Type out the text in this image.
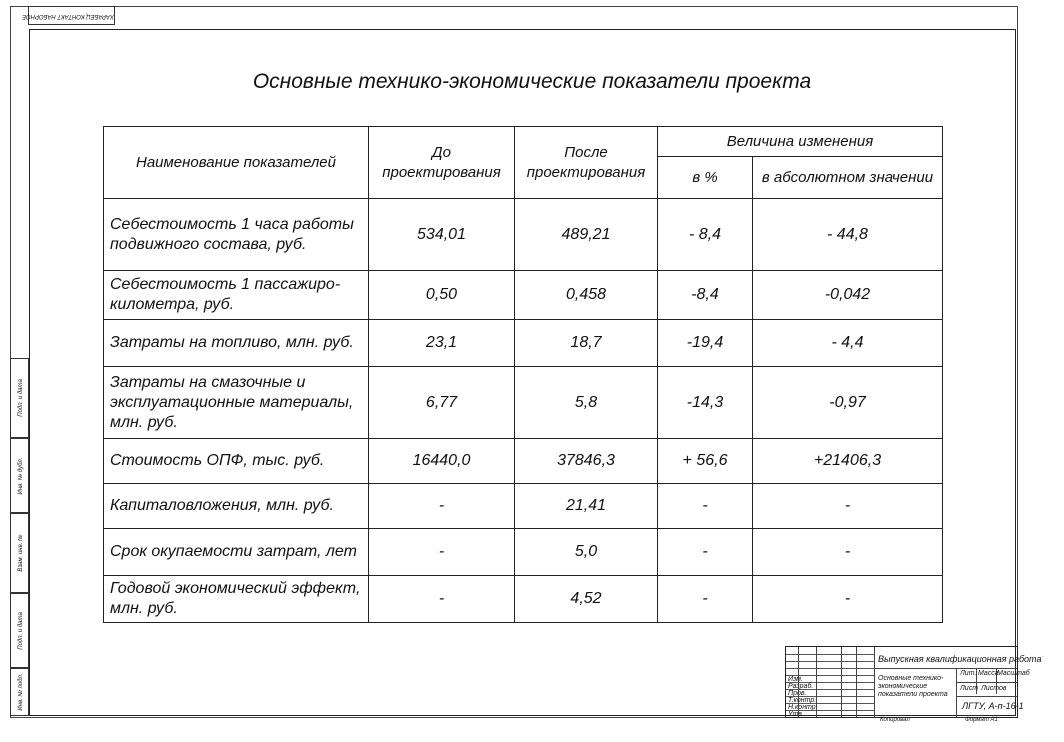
ХАРАБЕЦ КОНТАКТ НАБОРНОЕ
Подп. и дата
Инв. № дубл.
Взам. инв. №
Подп. и дата
Инв. № подл.
Основные технико-экономические показатели проекта
Наименование показателей	До проектирования	После проектирования	Величина изменения	
			в %	в абсолютном значении
Себестоимость 1 часа работы подвижного состава, руб.	534,01	489,21	- 8,4	- 44,8
Себестоимость 1 пассажиро-километра, руб.	0,50	0,458	-8,4	-0,042
Затраты на топливо, млн. руб.	23,1	18,7	-19,4	- 4,4
Затраты на смазочные и эксплуатационные материалы, млн. руб.	6,77	5,8	-14,3	-0,97
Стоимость ОПФ, тыс. руб.	16440,0	37846,3	+ 56,6	+21406,3
Капиталовложения, млн. руб.	-	21,41	-	-
Срок окупаемости затрат, лет	-	5,0	-	-
Годовой экономический эффект, млн. руб.	-	4,52	-	-
Изм.
Разраб.
Пров.
Т.контр.
Н.контр.
Утв.
Выпускная квалификационная работа
Основные технико-экономические показатели проекта
Лит. Масса
Масштаб
Лист Листов
ЛГТУ, А-п-16-1
Копировал	Формат А1
